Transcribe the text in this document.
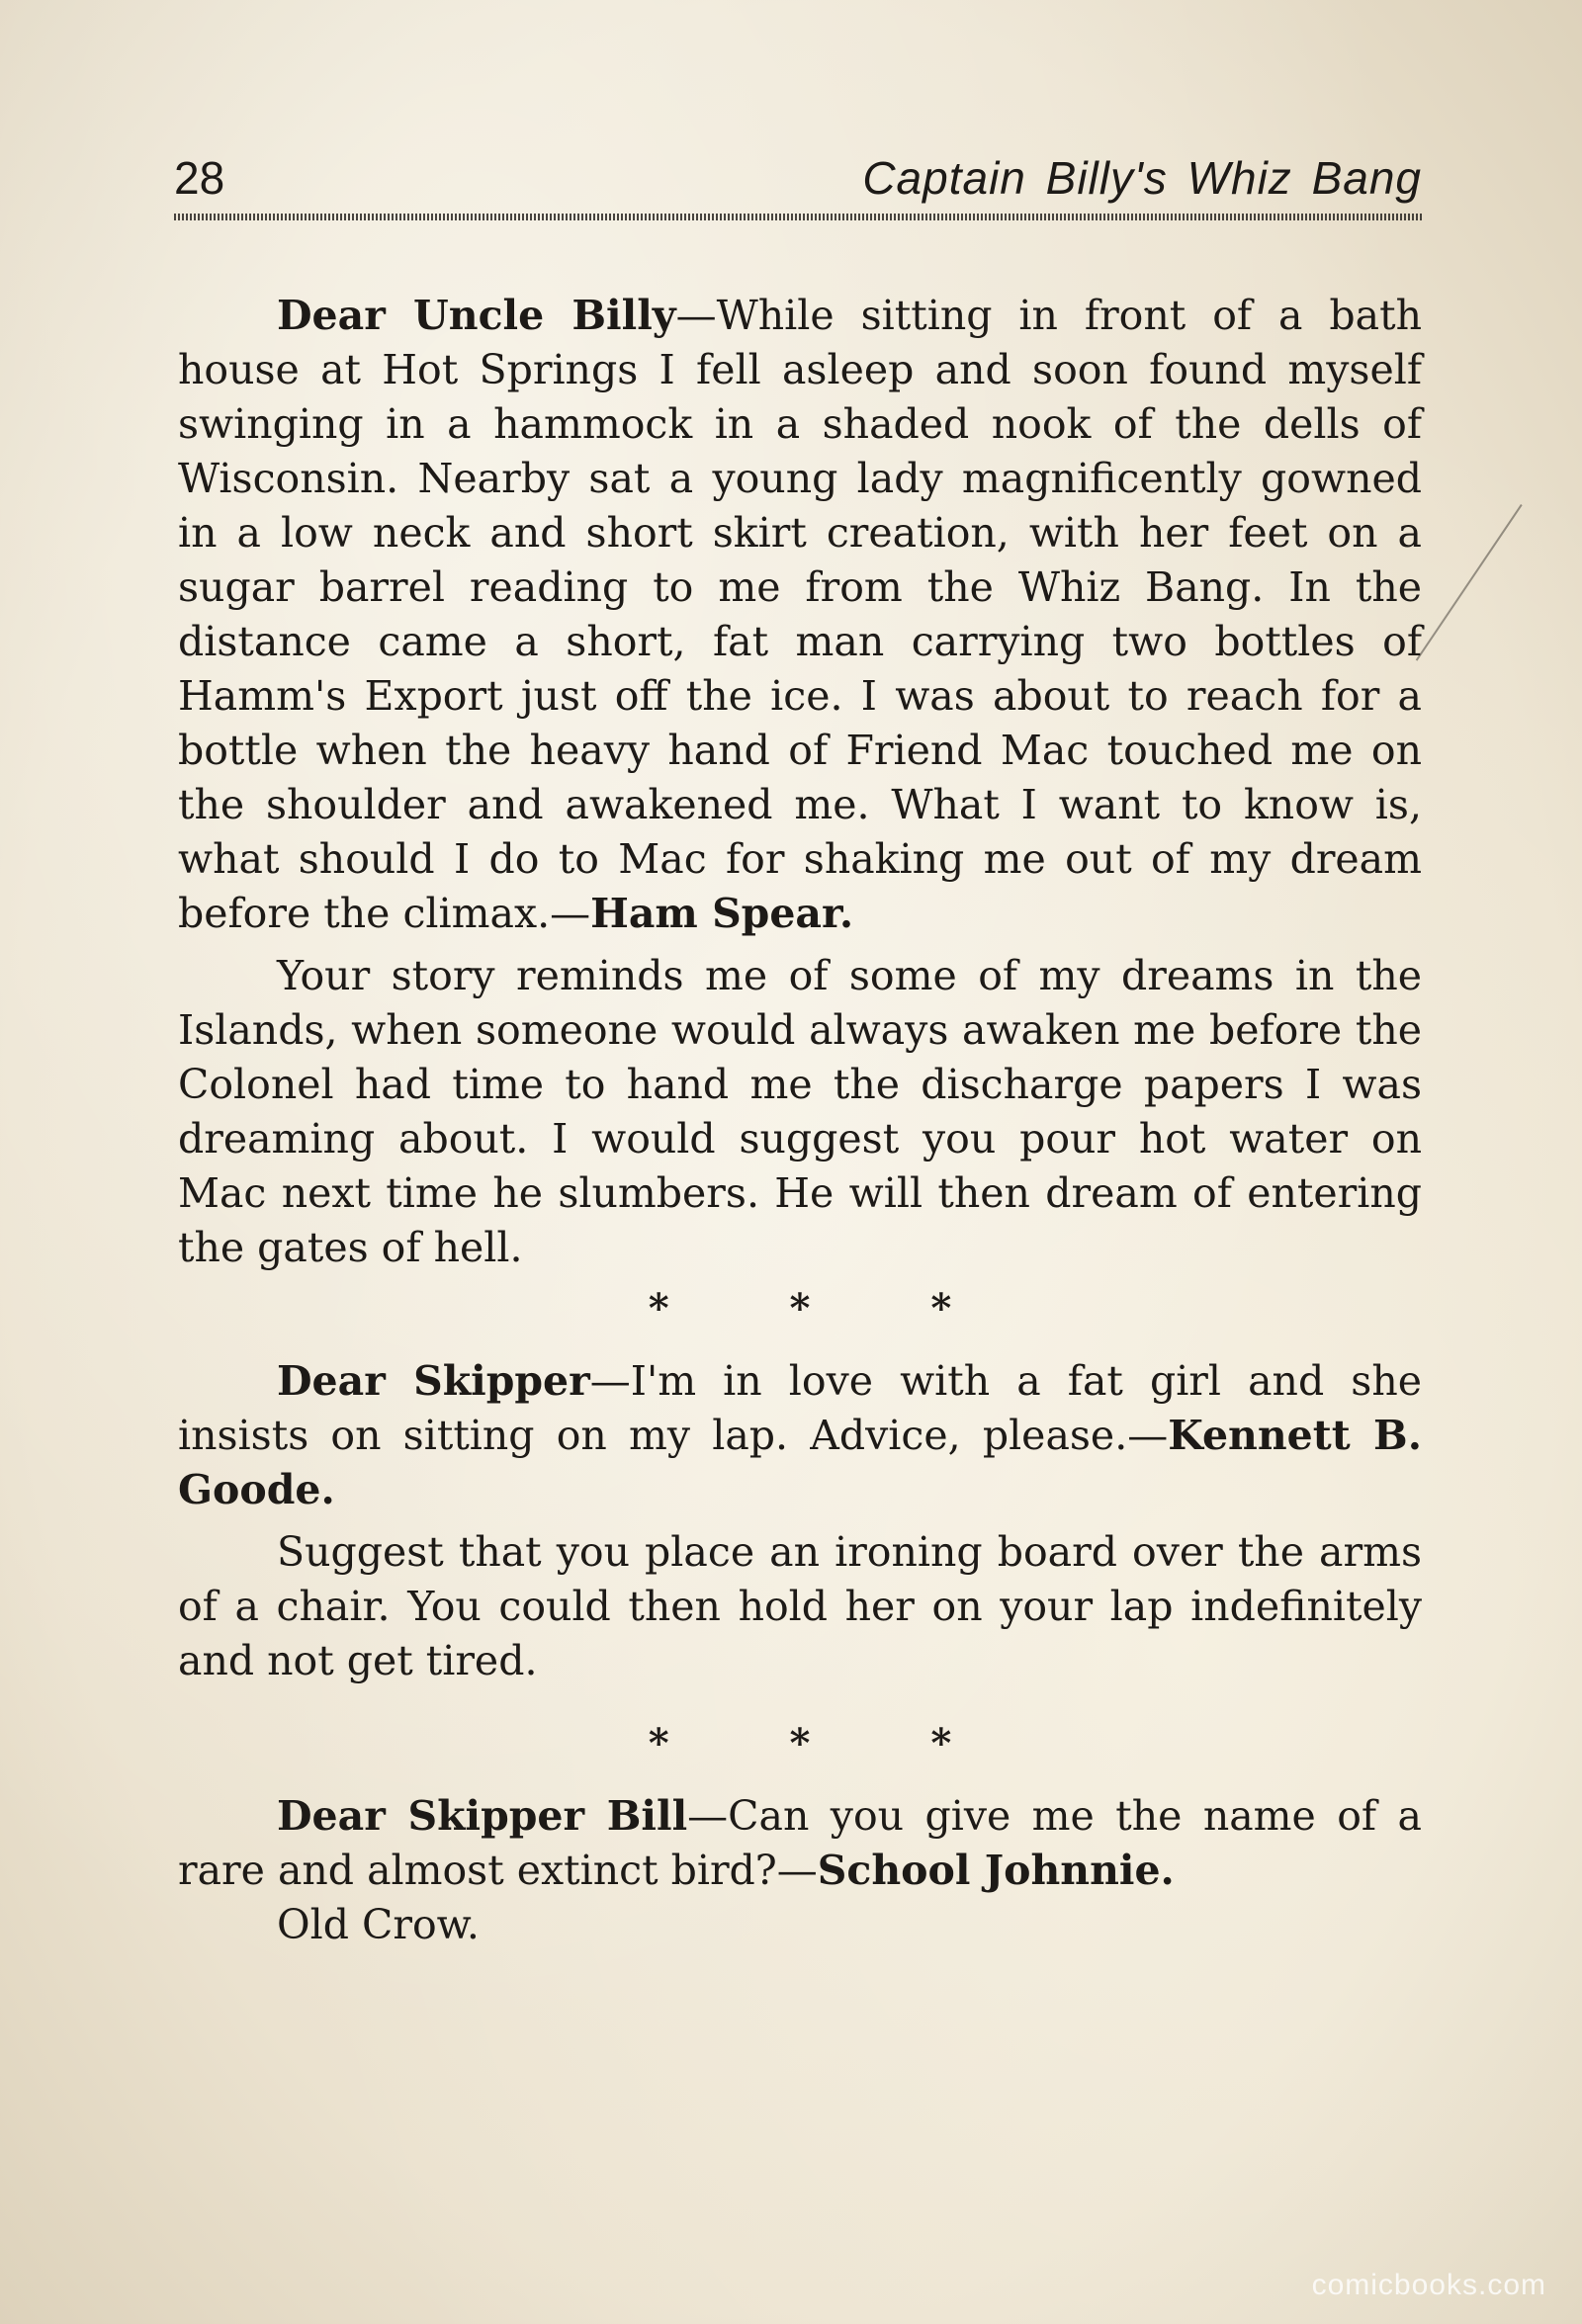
28	Captain Billy's Whiz Bang

Dear Uncle Billy—While sitting in front of a bath house at Hot Springs I fell asleep and soon found myself swinging in a hammock in a shaded nook of the dells of Wisconsin. Nearby sat a young lady magnificently gowned in a low neck and short skirt creation, with her feet on a sugar barrel reading to me from the Whiz Bang. In the distance came a short, fat man carrying two bottles of Hamm's Export just off the ice. I was about to reach for a bottle when the heavy hand of Friend Mac touched me on the shoulder and awakened me. What I want to know is, what should I do to Mac for shaking me out of my dream before the climax.—Ham Spear.

Your story reminds me of some of my dreams in the Islands, when someone would always awaken me before the Colonel had time to hand me the discharge papers I was dreaming about. I would suggest you pour hot water on Mac next time he slumbers. He will then dream of entering the gates of hell.

* * *

Dear Skipper—I'm in love with a fat girl and she insists on sitting on my lap. Advice, please.—Kennett B. Goode.

Suggest that you place an ironing board over the arms of a chair. You could then hold her on your lap indefinitely and not get tired.

* * *

Dear Skipper Bill—Can you give me the name of a rare and almost extinct bird?—School Johnnie.

Old Crow.

comicbooks.com
